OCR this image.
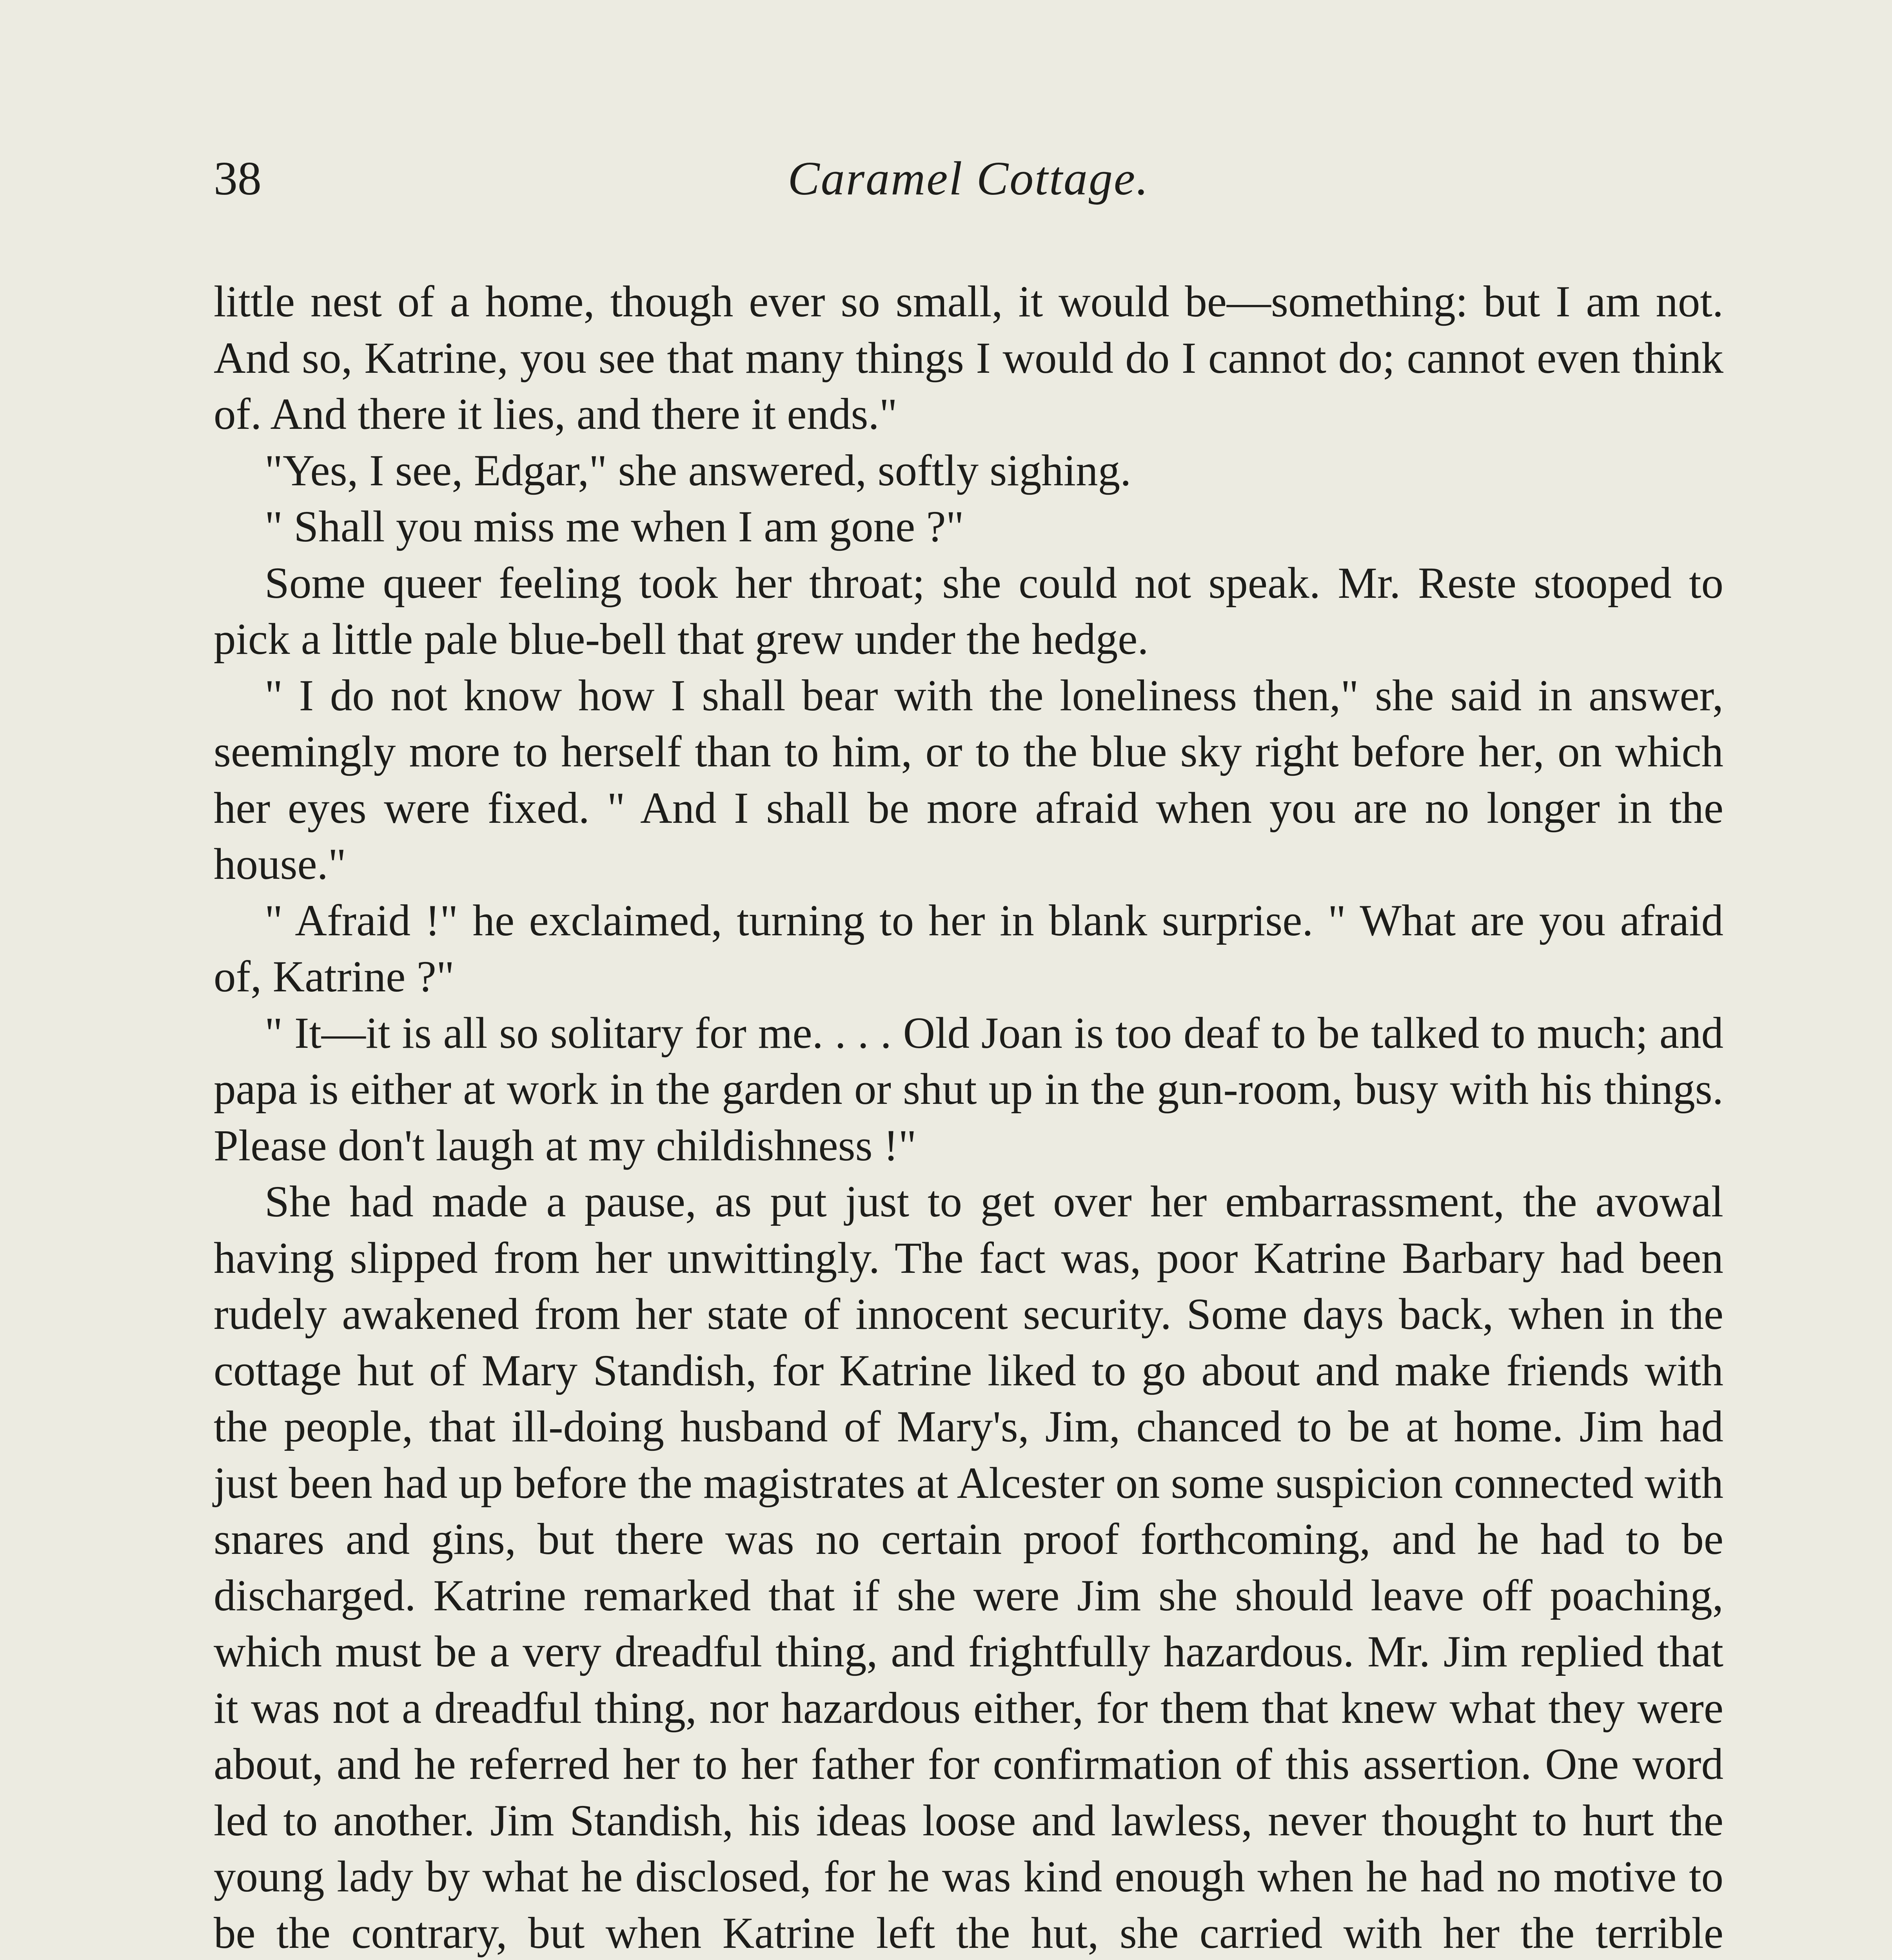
38	Caramel Cottage.

little nest of a home, though ever so small, it would be—something: but I am not. And so, Katrine, you see that many things I would do I cannot do; cannot even think of. And there it lies, and there it ends."

"Yes, I see, Edgar," she answered, softly sighing.

" Shall you miss me when I am gone ?"

Some queer feeling took her throat; she could not speak. Mr. Reste stooped to pick a little pale blue-bell that grew under the hedge.

" I do not know how I shall bear with the loneliness then," she said in answer, seemingly more to herself than to him, or to the blue sky right before her, on which her eyes were fixed. " And I shall be more afraid when you are no longer in the house."

" Afraid !" he exclaimed, turning to her in blank surprise. " What are you afraid of, Katrine ?"

" It—it is all so solitary for me. . . . Old Joan is too deaf to be talked to much; and papa is either at work in the garden or shut up in the gun-room, busy with his things. Please don't laugh at my childishness !"

She had made a pause, as put just to get over her embarrassment, the avowal having slipped from her unwittingly. The fact was, poor Katrine Barbary had been rudely awakened from her state of innocent security. Some days back, when in the cottage hut of Mary Standish, for Katrine liked to go about and make friends with the people, that ill-doing husband of Mary's, Jim, chanced to be at home. Jim had just been had up before the magistrates at Alcester on some suspicion connected with snares and gins, but there was no certain proof forthcoming, and he had to be discharged. Katrine remarked that if she were Jim she should leave off poaching, which must be a very dreadful thing, and frightfully hazardous. Mr. Jim replied that it was not a dreadful thing, nor hazardous either, for them that knew what they were about, and he referred her to her father for confirmation of this assertion. One word led to another. Jim Standish, his ideas loose and lawless, never thought to hurt the young lady by what he disclosed, for he was kind enough when he had no motive to be the contrary, but when Katrine left the hut, she carried with her the terrible
